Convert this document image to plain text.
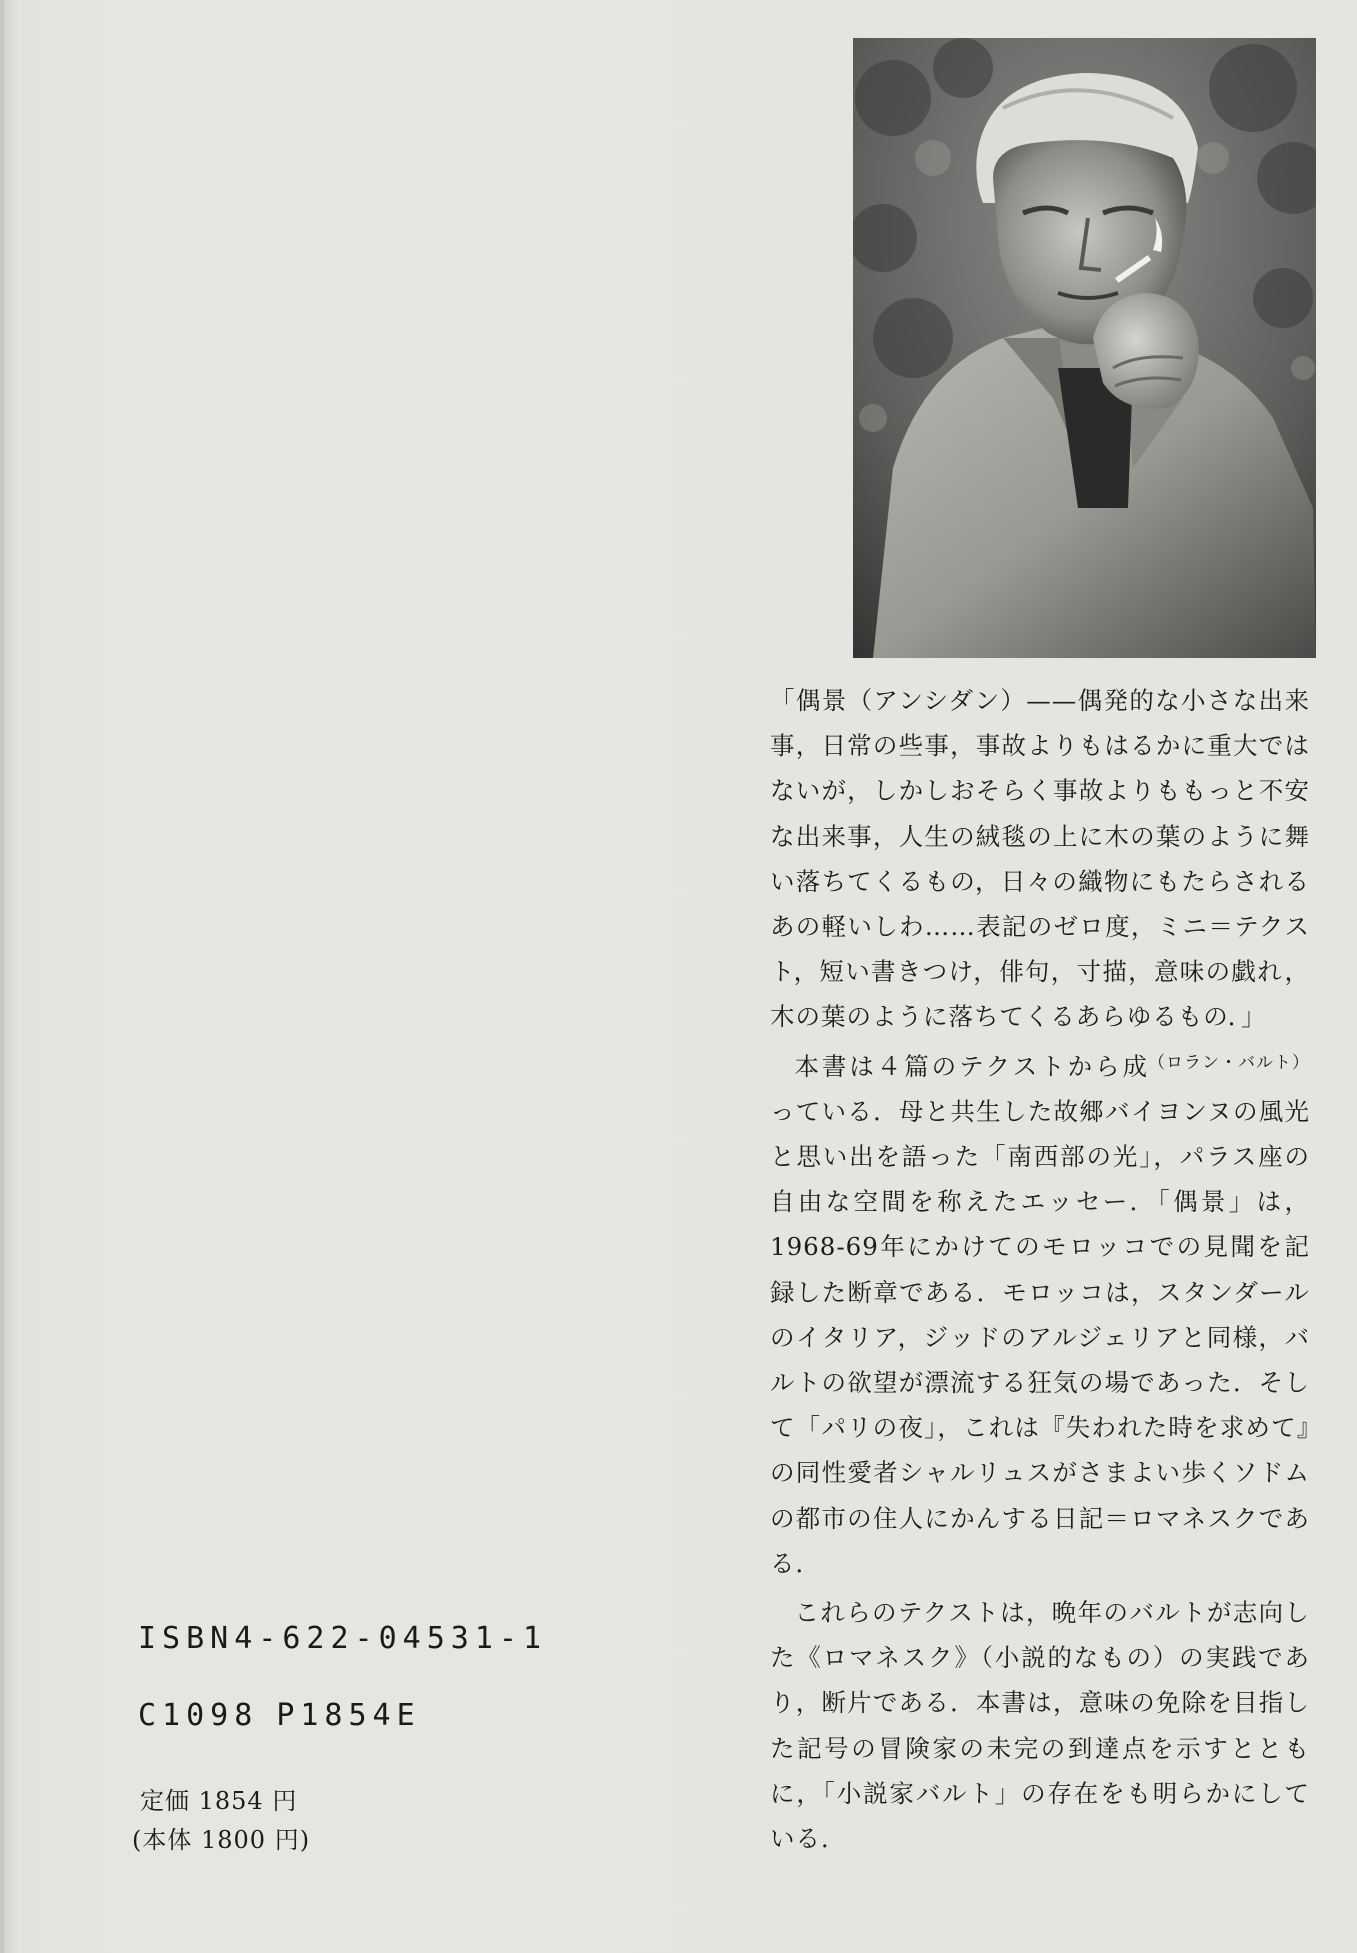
「偶景（アンシダン）——偶発的な小さな出来事，日常の些事，事故よりもはるかに重大ではないが，しかしおそらく事故よりももっと不安な出来事，人生の絨毯の上に木の葉のように舞い落ちてくるもの，日々の織物にもたらされるあの軽いしわ……表記のゼロ度，ミニ＝テクスト，短い書きつけ，俳句，寸描，意味の戯れ，木の葉のように落ちてくるあらゆるもの．」
（ロラン・バルト）

本書は４篇のテクストから成っている．母と共生した故郷バイヨンヌの風光と思い出を語った「南西部の光」，パラス座の自由な空間を称えたエッセー．「偶景」は，1968-69年にかけてのモロッコでの見聞を記録した断章である．モロッコは，スタンダールのイタリア，ジッドのアルジェリアと同様，バルトの欲望が漂流する狂気の場であった．そして「パリの夜」，これは『失われた時を求めて』の同性愛者シャルリュスがさまよい歩くソドムの都市の住人にかんする日記＝ロマネスクである．

これらのテクストは，晩年のバルトが志向した《ロマネスク》（小説的なもの）の実践であり，断片である．本書は，意味の免除を目指した記号の冒険家の未完の到達点を示すとともに，「小説家バルト」の存在をも明らかにしている．

ISBN4-622-04531-1
C1098 P1854E
定価 1854 円
(本体 1800 円)
